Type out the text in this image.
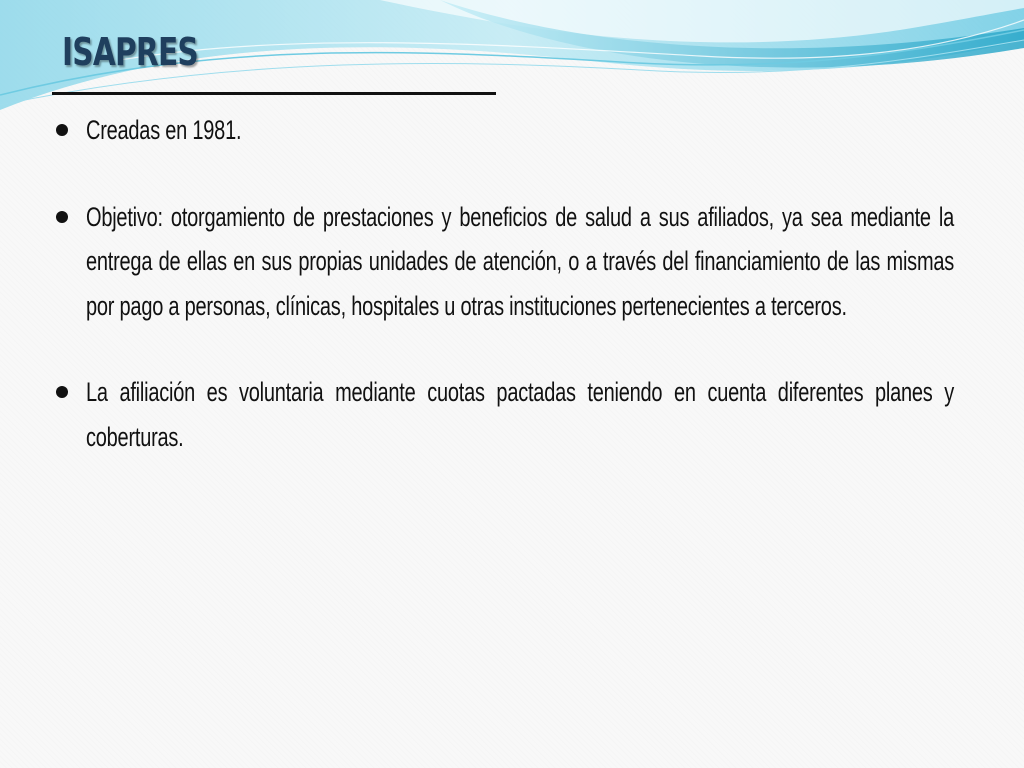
ISAPRES
Creadas en 1981.
Objetivo: otorgamiento de prestaciones y beneficios de salud a sus afiliados, ya sea mediante la entrega de ellas en sus propias unidades de atención, o a través del financiamiento de las mismas por pago a personas, clínicas, hospitales u otras instituciones pertenecientes a terceros.
La afiliación es voluntaria mediante cuotas pactadas teniendo en cuenta diferentes planes y coberturas.
